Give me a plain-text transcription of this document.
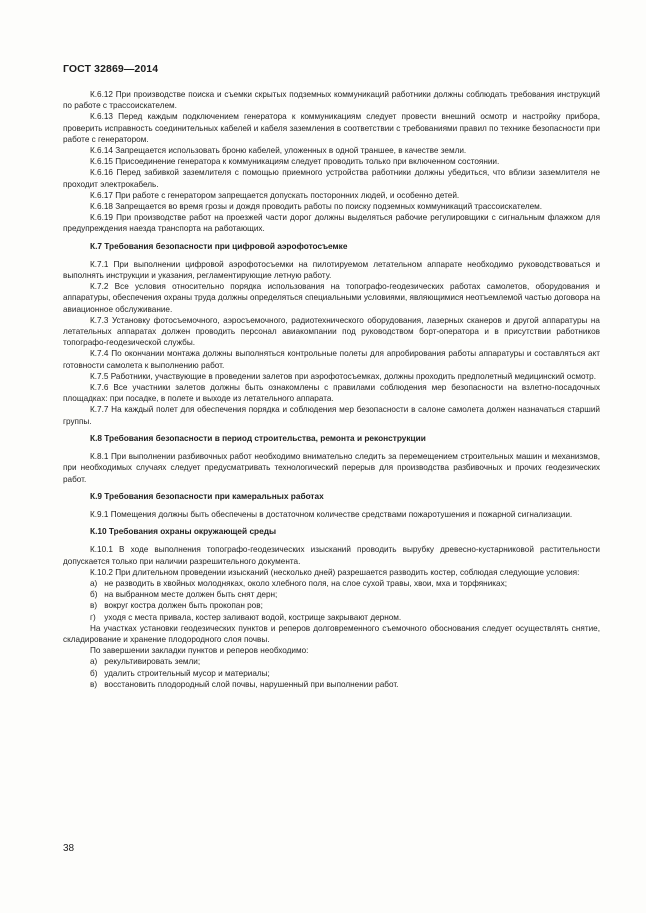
ГОСТ 32869—2014

К.6.12 При производстве поиска и съемки скрытых подземных коммуникаций работники должны соблюдать требования инструкций по работе с трассоискателем.

К.6.13 Перед каждым подключением генератора к коммуникациям следует провести внешний осмотр и настройку прибора, проверить исправность соединительных кабелей и кабеля заземления в соответствии с требованиями правил по технике безопасности при работе с генератором.

К.6.14 Запрещается использовать броню кабелей, уложенных в одной траншее, в качестве земли.

К.6.15 Присоединение генератора к коммуникациям следует проводить только при включенном состоянии.

К.6.16 Перед забивкой заземлителя с помощью приемного устройства работники должны убедиться, что вблизи заземлителя не проходит электрокабель.

К.6.17 При работе с генератором запрещается допускать посторонних людей, и особенно детей.

К.6.18 Запрещается во время грозы и дождя проводить работы по поиску подземных коммуникаций трассоискателем.

К.6.19 При производстве работ на проезжей части дорог должны выделяться рабочие регулировщики с сигнальным флажком для предупреждения наезда транспорта на работающих.

К.7 Требования безопасности при цифровой аэрофотосъемке

К.7.1 При выполнении цифровой аэрофотосъемки на пилотируемом летательном аппарате необходимо руководствоваться и выполнять инструкции и указания, регламентирующие летную работу.

К.7.2 Все условия относительно порядка использования на топографо-геодезических работах самолетов, оборудования и аппаратуры, обеспечения охраны труда должны определяться специальными условиями, являющимися неотъемлемой частью договора на авиационное обслуживание.

К.7.3 Установку фотосъемочного, аэросъемочного, радиотехнического оборудования, лазерных сканеров и другой аппаратуры на летательных аппаратах должен проводить персонал авиакомпании под руководством борт-оператора и в присутствии работников топографо-геодезической службы.

К.7.4 По окончании монтажа должны выполняться контрольные полеты для апробирования работы аппаратуры и составляться акт готовности самолета к выполнению работ.

К.7.5 Работники, участвующие в проведении залетов при аэрофотосъемках, должны проходить предполетный медицинский осмотр.

К.7.6 Все участники залетов должны быть ознакомлены с правилами соблюдения мер безопасности на взлетно-посадочных площадках: при посадке, в полете и выходе из летательного аппарата.

К.7.7 На каждый полет для обеспечения порядка и соблюдения мер безопасности в салоне самолета должен назначаться старший группы.

К.8 Требования безопасности в период строительства, ремонта и реконструкции

К.8.1 При выполнении разбивочных работ необходимо внимательно следить за перемещением строительных машин и механизмов, при необходимых случаях следует предусматривать технологический перерыв для производства разбивочных и прочих геодезических работ.

К.9 Требования безопасности при камеральных работах

К.9.1 Помещения должны быть обеспечены в достаточном количестве средствами пожаротушения и пожарной сигнализации.

К.10 Требования охраны окружающей среды

К.10.1 В ходе выполнения топографо-геодезических изысканий проводить вырубку древесно-кустарниковой растительности допускается только при наличии разрешительного документа.

К.10.2 При длительном проведении изысканий (несколько дней) разрешается разводить костер, соблюдая следующие условия:

а) не разводить в хвойных молодняках, около хлебного поля, на слое сухой травы, хвои, мха и торфяниках;

б) на выбранном месте должен быть снят дерн;

в) вокруг костра должен быть прокопан ров;

г) уходя с места привала, костер заливают водой, кострище закрывают дерном.

На участках установки геодезических пунктов и реперов долговременного съемочного обоснования следует осуществлять снятие, складирование и хранение плодородного слоя почвы.

По завершении закладки пунктов и реперов необходимо:

а) рекультивировать земли;

б) удалить строительный мусор и материалы;

в) восстановить плодородный слой почвы, нарушенный при выполнении работ.

38
